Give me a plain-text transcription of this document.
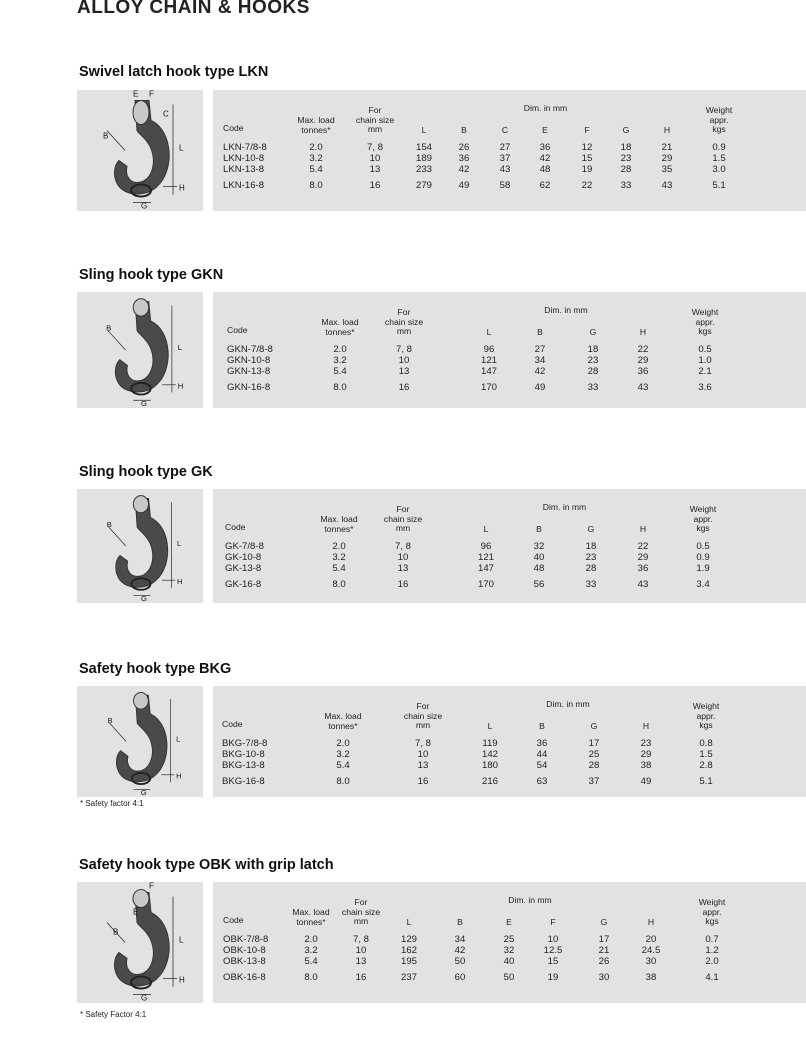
ALLOY CHAIN & HOOKS
Swivel latch hook type LKN
E F
C
B
L
H
G
Code
Max. load
tonnes*
For
chain size
mm
Dim. in mm
L	B	C	E	F	G	H
Weight
appr.
kgs
LKN-7/8-8	2.0	7, 8	154	26	27	36	12	18	21	0.9
LKN-10-8	3.2	10	189	36	37	42	15	23	29	1.5
LKN-13-8	5.4	13	233	42	43	48	19	28	35	3.0
LKN-16-8	8.0	16	279	49	58	62	22	33	43	5.1
Sling hook type GKN
B
L
H
G
Code
Max. load
tonnes*
For
chain size
mm
Dim. in mm
L	B	G	H
Weight
appr.
kgs
GKN-7/8-8	2.0	7, 8	96	27	18	22	0.5
GKN-10-8	3.2	10	121	34	23	29	1.0
GKN-13-8	5.4	13	147	42	28	36	2.1
GKN-16-8	8.0	16	170	49	33	43	3.6
Sling hook type GK
B
L
H
G
Code
Max. load
tonnes*
For
chain size
mm
Dim. in mm
L	B	G	H
Weight
appr.
kgs
GK-7/8-8	2.0	7, 8	96	32	18	22	0.5
GK-10-8	3.2	10	121	40	23	29	0.9
GK-13-8	5.4	13	147	48	28	36	1.9
GK-16-8	8.0	16	170	56	33	43	3.4
Safety hook type BKG
B
L
H
G
Code
Max. load
tonnes*
For
chain size
mm
Dim. in mm
L	B	G	H
Weight
appr.
kgs
BKG-7/8-8	2.0	7, 8	119	36	17	23	0.8
BKG-10-8	3.2	10	142	44	25	29	1.5
BKG-13-8	5.4	13	180	54	28	38	2.8
BKG-16-8	8.0	16	216	63	37	49	5.1
Safety hook type OBK with grip latch
F
E
B
L
H
G
Code
Max. load
tonnes*
For
chain size
mm
Dim. in mm
L	B	E	F	G	H
Weight
appr.
kgs
OBK-7/8-8	2.0	7, 8	129	34	25	10	17	20	0.7
OBK-10-8	3.2	10	162	42	32	12.5	21	24.5	1.2
OBK-13-8	5.4	13	195	50	40	15	26	30	2.0
OBK-16-8	8.0	16	237	60	50	19	30	38	4.1
* Safety factor 4:1
* Safety Factor 4:1
